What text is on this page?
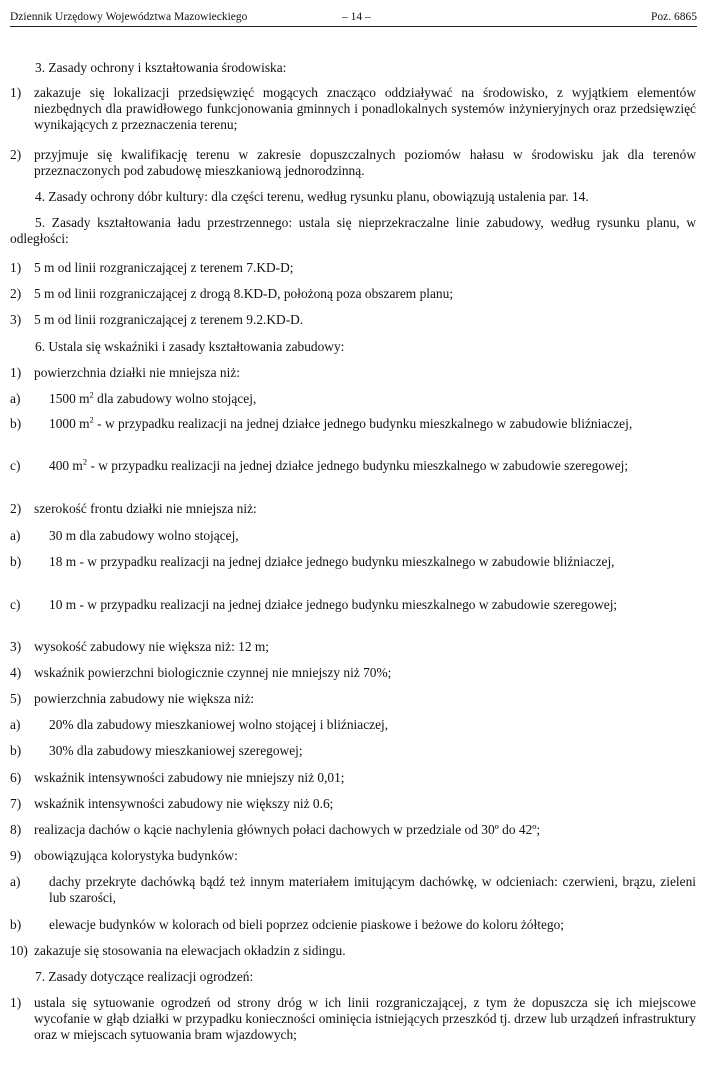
Dziennik Urzędowy Województwa Mazowieckiego	– 14 –	Poz. 6865
3. Zasady ochrony i kształtowania środowiska:
1) zakazuje się lokalizacji przedsięwzięć mogących znacząco oddziaływać na środowisko, z wyjątkiem elementów niezbędnych dla prawidłowego funkcjonowania gminnych i ponadlokalnych systemów inżynieryjnych oraz przedsięwzięć wynikających z przeznaczenia terenu;
2) przyjmuje się kwalifikację terenu w zakresie dopuszczalnych poziomów hałasu w środowisku jak dla terenów przeznaczonych pod zabudowę mieszkaniową jednorodzinną.
4. Zasady ochrony dóbr kultury: dla części terenu, według rysunku planu, obowiązują ustalenia par. 14.
5. Zasady kształtowania ładu przestrzennego: ustala się nieprzekraczalne linie zabudowy, według rysunku planu, w odległości:
1) 5 m od linii rozgraniczającej z terenem 7.KD-D;
2) 5 m od linii rozgraniczającej z drogą 8.KD-D, położoną poza obszarem planu;
3) 5 m od linii rozgraniczającej z terenem 9.2.KD-D.
6. Ustala się wskaźniki i zasady kształtowania zabudowy:
1) powierzchnia działki nie mniejsza niż:
a)	1500 $m^2$ dla zabudowy wolno stojącej,
b)	1000 $m^2$ - w przypadku realizacji na jednej działce jednego budynku mieszkalnego w zabudowie bliźniaczej,
c)	400 $m^2$ - w przypadku realizacji na jednej działce jednego budynku mieszkalnego w zabudowie szeregowej;
2) szerokość frontu działki nie mniejsza niż:
a)	30 m dla zabudowy wolno stojącej,
b)	18 m - w przypadku realizacji na jednej działce jednego budynku mieszkalnego w zabudowie bliźniaczej,
c)	10 m - w przypadku realizacji na jednej działce jednego budynku mieszkalnego w zabudowie szeregowej;
3) wysokość zabudowy nie większa niż: 12 m;
4) wskaźnik powierzchni biologicznie czynnej nie mniejszy niż 70%;
5) powierzchnia zabudowy nie większa niż:
a)	20% dla zabudowy mieszkaniowej wolno stojącej i bliźniaczej,
b)	30% dla zabudowy mieszkaniowej szeregowej;
6) wskaźnik intensywności zabudowy nie mniejszy niż 0,01;
7) wskaźnik intensywności zabudowy nie większy niż 0.6;
8) realizacja dachów o kącie nachylenia głównych połaci dachowych w przedziale od 30º do 42º;
9) obowiązująca kolorystyka budynków:
a)	dachy przekryte dachówką bądź też innym materiałem imitującym dachówkę, w odcieniach: czerwieni, brązu, zieleni lub szarości,
b)	elewacje budynków w kolorach od bieli poprzez odcienie piaskowe i beżowe do koloru żółtego;
10) zakazuje się stosowania na elewacjach okładzin z sidingu.
7. Zasady dotyczące realizacji ogrodzeń:
1) ustala się sytuowanie ogrodzeń od strony dróg w ich linii rozgraniczającej, z tym że dopuszcza się ich miejscowe wycofanie w głąb działki w przypadku konieczności ominięcia istniejących przeszkód tj. drzew lub urządzeń infrastruktury oraz w miejscach sytuowania bram wjazdowych;
